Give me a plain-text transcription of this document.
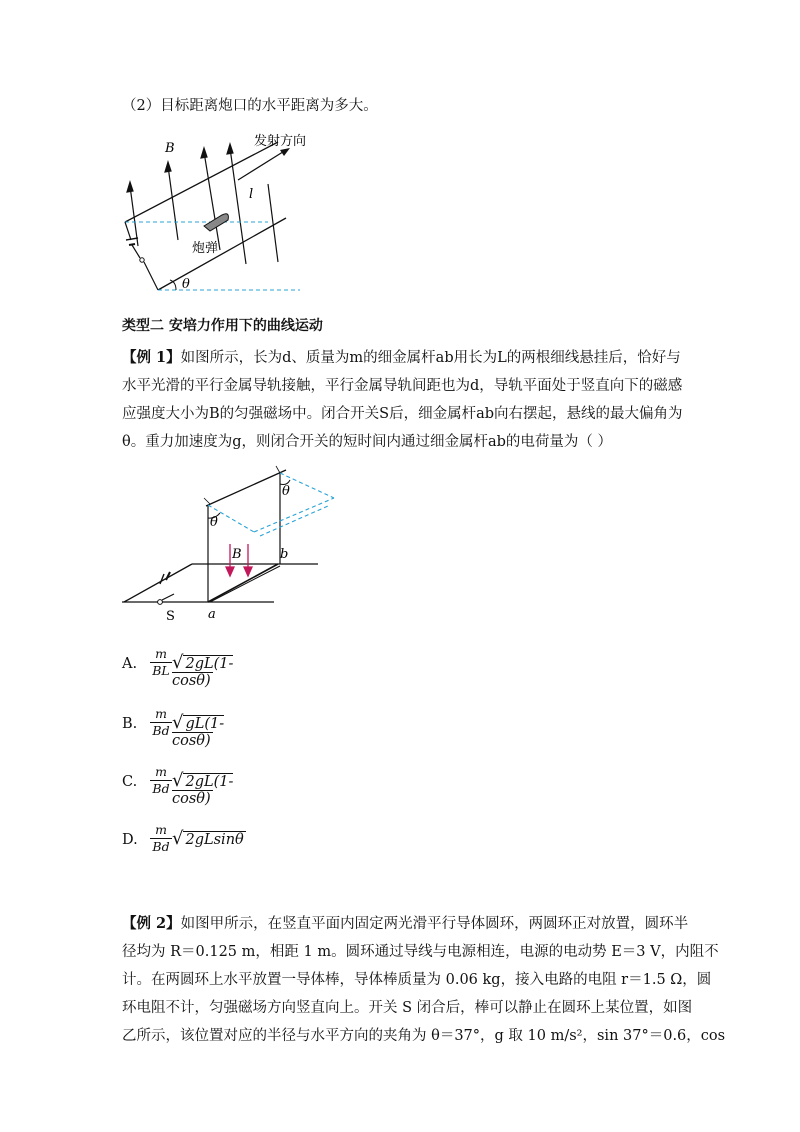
（2）目标距离炮口的水平距离为多大。
B	发射方向
l
炮弹
θ
类型二 安培力作用下的曲线运动
【例 1】如图所示，长为d、质量为m的细金属杆ab用长为L的两根细线悬挂后，恰好与
水平光滑的平行金属导轨接触，平行金属导轨间距也为d，导轨平面处于竖直向下的磁感
应强度大小为B的匀强磁场中。闭合开关S后，细金属杆ab向右摆起，悬线的最大偏角为
θ。重力加速度为g，则闭合开关的短时间内通过细金属杆ab的电荷量为（ ）
θ
θ
B	b
a
S
A. $\frac{m}{BL}$ √ 2gL(1-cosθ)
B. $\frac{m}{Bd}$ √ gL(1-cosθ)
C. $\frac{m}{Bd}$ √ 2gL(1-cosθ)
D. $\frac{m}{Bd}$ √ 2gLsinθ
【例 2】如图甲所示，在竖直平面内固定两光滑平行导体圆环，两圆环正对放置，圆环半
径均为 R＝0.125 m，相距 1 m。圆环通过导线与电源相连，电源的电动势 E＝3 V，内阻不
计。在两圆环上水平放置一导体棒，导体棒质量为 0.06 kg，接入电路的电阻 r＝1.5 Ω，圆
环电阻不计，匀强磁场方向竖直向上。开关 S 闭合后，棒可以静止在圆环上某位置，如图
乙所示，该位置对应的半径与水平方向的夹角为 θ＝37°，g 取 10 m/s²，sin 37°＝0.6，cos
